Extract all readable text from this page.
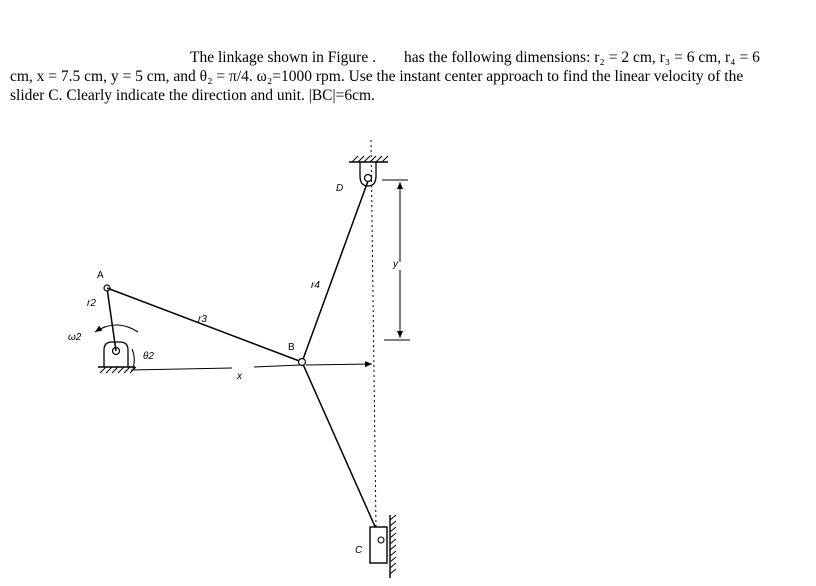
The linkage shown in Figure . has the following dimensions: r₂ = 2 cm, r₃ = 6 cm, r₄ = 6
cm, x = 7.5 cm, y = 5 cm, and θ₂ = π/4. ω₂=1000 rpm. Use the instant center approach to find the linear velocity of the
slider C. Clearly indicate the direction and unit. |BC|=6cm.
A
B
D
C
r2
r3
r4
ω2
θ2
x
y
